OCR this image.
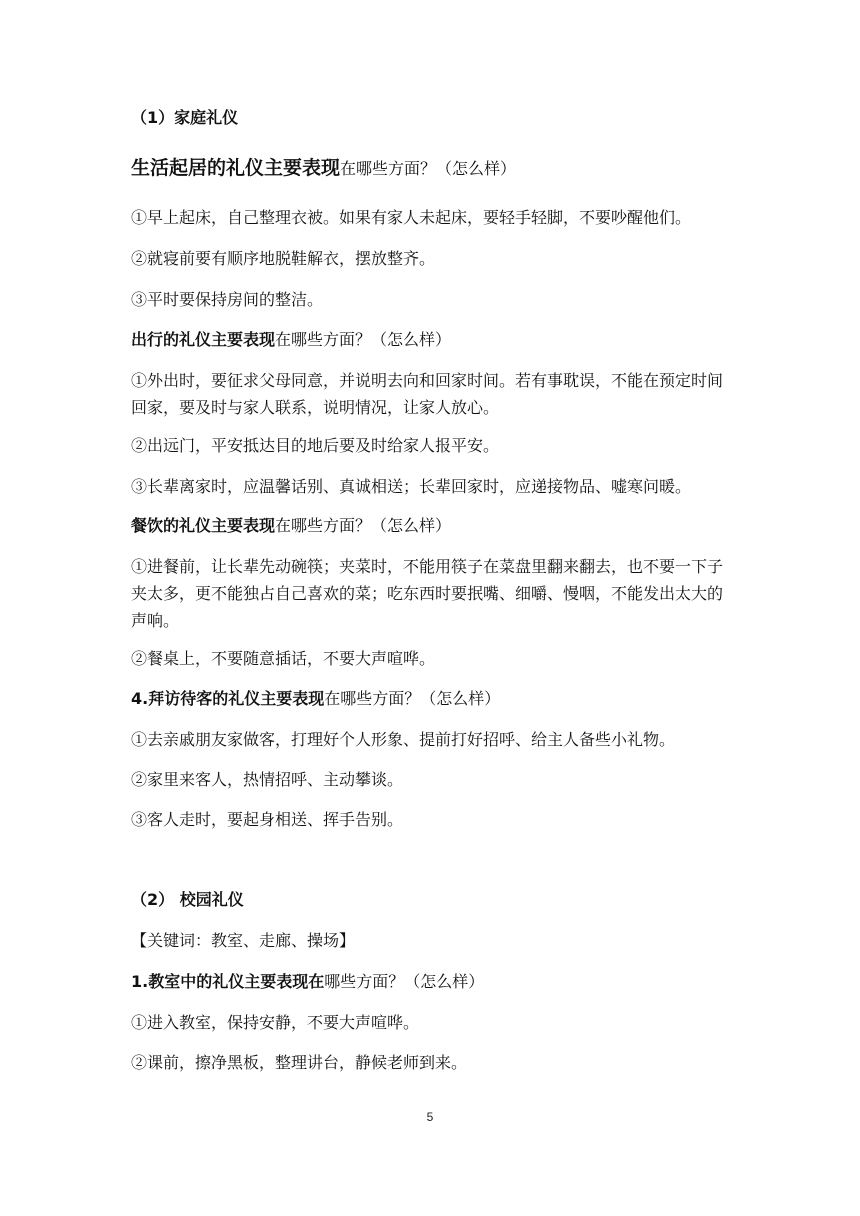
（1）家庭礼仪
生活起居的礼仪主要表现在哪些方面？（怎么样）
①早上起床，自己整理衣被。如果有家人未起床，要轻手轻脚，不要吵醒他们。
②就寝前要有顺序地脱鞋解衣，摆放整齐。
③平时要保持房间的整洁。
出行的礼仪主要表现在哪些方面？（怎么样）
①外出时，要征求父母同意，并说明去向和回家时间。若有事耽误，不能在预定时间回家，要及时与家人联系，说明情况，让家人放心。
②出远门，平安抵达目的地后要及时给家人报平安。
③长辈离家时，应温馨话别、真诚相送；长辈回家时，应递接物品、嘘寒问暖。
餐饮的礼仪主要表现在哪些方面？（怎么样）
①进餐前，让长辈先动碗筷；夹菜时，不能用筷子在菜盘里翻来翻去，也不要一下子夹太多，更不能独占自己喜欢的菜；吃东西时要抿嘴、细嚼、慢咽，不能发出太大的声响。
②餐桌上，不要随意插话，不要大声喧哗。
4.拜访待客的礼仪主要表现在哪些方面？（怎么样）
①去亲戚朋友家做客，打理好个人形象、提前打好招呼、给主人备些小礼物。
②家里来客人，热情招呼、主动攀谈。
③客人走时，要起身相送、挥手告别。
（2） 校园礼仪
【关键词：教室、走廊、操场】
1.教室中的礼仪主要表现在哪些方面？（怎么样）
①进入教室，保持安静，不要大声喧哗。
②课前，擦净黑板，整理讲台，静候老师到来。
5
